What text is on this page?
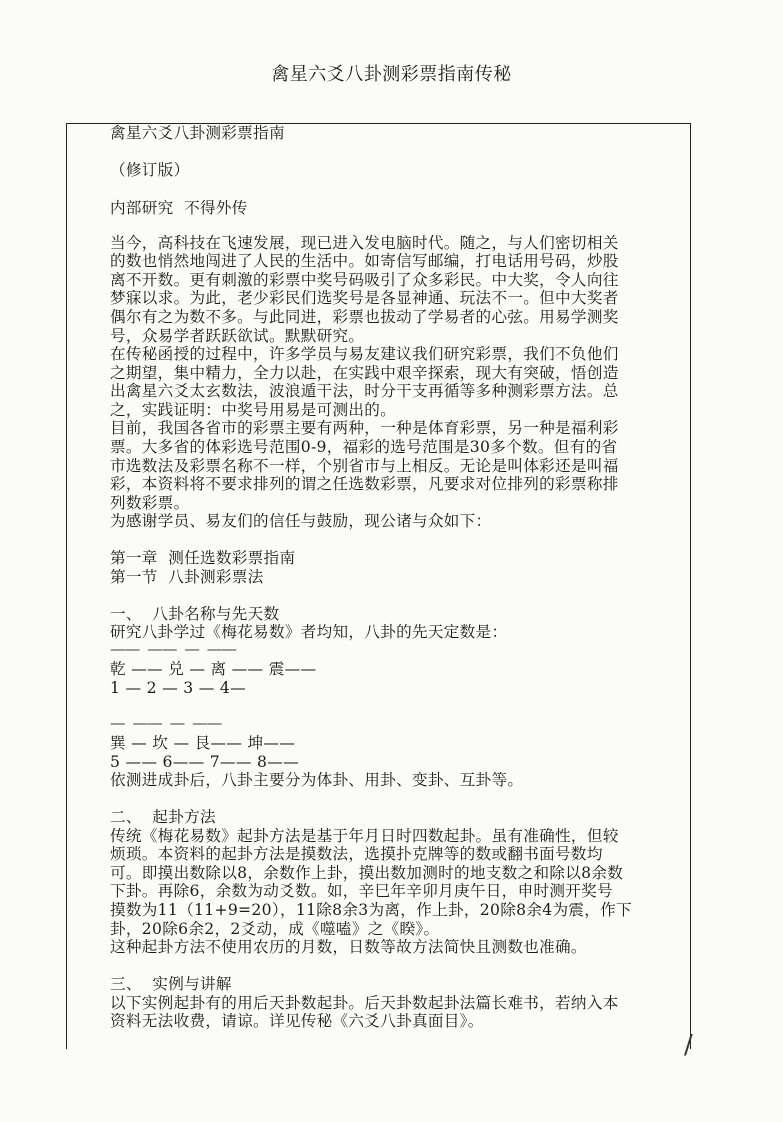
禽星六爻八卦测彩票指南传秘
禽星六爻八卦测彩票指南
（修订版）
内部研究  不得外传
当今，高科技在飞速发展，现已进入发电脑时代。随之，与人们密切相关
的数也悄然地闯进了人民的生活中。如寄信写邮编，打电话用号码，炒股
离不开数。更有刺激的彩票中奖号码吸引了众多彩民。中大奖，令人向往
梦寐以求。为此，老少彩民们选奖号是各显神通、玩法不一。但中大奖者
偶尔有之为数不多。与此同进，彩票也拔动了学易者的心弦。用易学测奖
号，众易学者跃跃欲试。默默研究。
在传秘函授的过程中，许多学员与易友建议我们研究彩票，我们不负他们
之期望，集中精力，全力以赴，在实践中艰辛探索，现大有突破，悟创造
出禽星六爻太玄数法，波浪遁干法，时分干支再循等多种测彩票方法。总
之，实践证明：中奖号用易是可测出的。
目前，我国各省市的彩票主要有两种，一种是体育彩票，另一种是福利彩
票。大多省的体彩选号范围0-9，福彩的选号范围是30多个数。但有的省
市选数法及彩票名称不一样，个别省市与上相反。无论是叫体彩还是叫福
彩，本资料将不要求排列的谓之任选数彩票，凡要求对位排列的彩票称排
列数彩票。
为感谢学员、易友们的信任与鼓励，现公诸与众如下：
第一章  测任选数彩票指南
第一节  八卦测彩票法
一、  八卦名称与先天数
研究八卦学过《梅花易数》者均知，八卦的先天定数是：
——  ——  —  ——
乾 —— 兑 — 离 —— 震——
1 — 2 — 3 — 4—
—  ——  —  ——
巽 — 坎 — 艮—— 坤——
5 —— 6—— 7—— 8——
依测进成卦后，八卦主要分为体卦、用卦、变卦、互卦等。
二、  起卦方法
传统《梅花易数》起卦方法是基于年月日时四数起卦。虽有准确性，但较
烦琐。本资料的起卦方法是摸数法，选摸扑克牌等的数或翻书面号数均
可。即摸出数除以8，余数作上卦，摸出数加测时的地支数之和除以8余数
下卦。再除6，余数为动爻数。如，辛巳年辛卯月庚午日，申时测开奖号
摸数为11（11+9=20），11除8余3为离，作上卦，20除8余4为震，作下
卦，20除6余2，2爻动，成《噬嗑》之《睽》。
这种起卦方法不使用农历的月数，日数等故方法简快且测数也准确。
三、  实例与讲解
以下实例起卦有的用后天卦数起卦。后天卦数起卦法篇长难书，若纳入本
资料无法收费，请谅。详见传秘《六爻八卦真面目》。
/
